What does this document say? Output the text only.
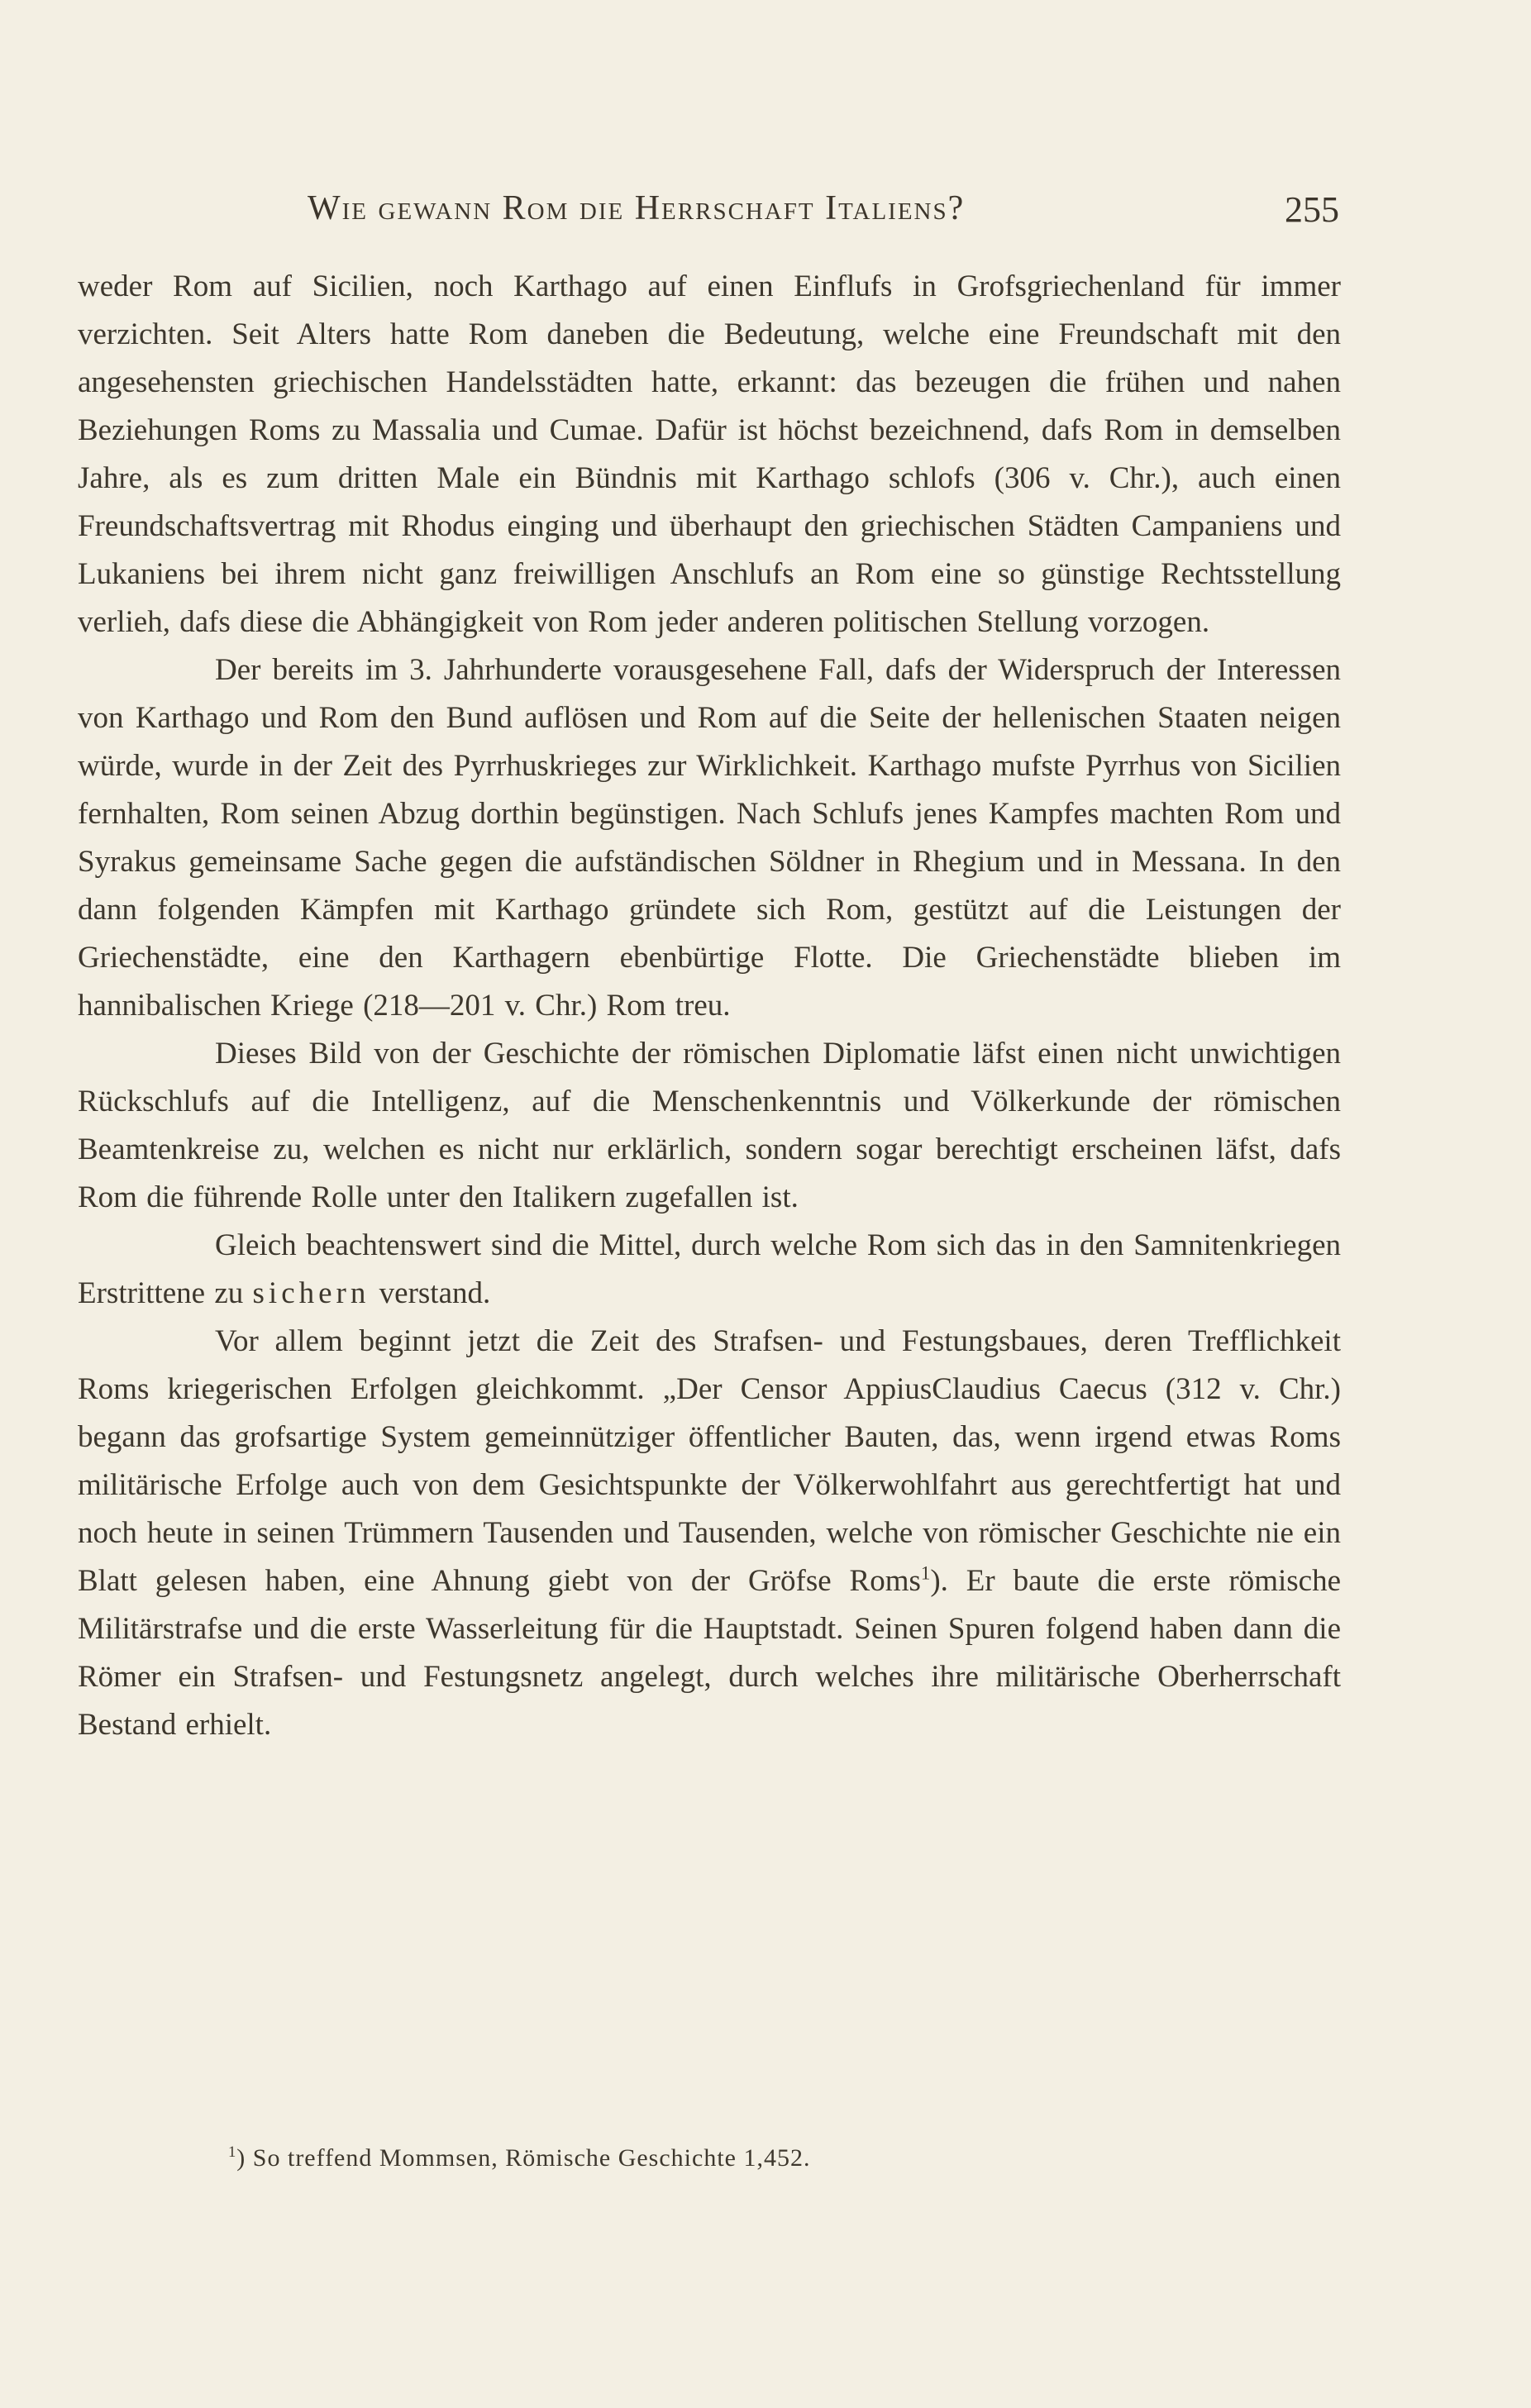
Wie gewann Rom die Herrschaft Italiens?	255

weder Rom auf Sicilien, noch Karthago auf einen Einflufs in Grofsgriechenland für immer verzichten. Seit Alters hatte Rom daneben die Bedeutung, welche eine Freundschaft mit den angesehensten griechischen Handelsstädten hatte, erkannt: das bezeugen die frühen und nahen Beziehungen Roms zu Massalia und Cumae. Dafür ist höchst bezeichnend, dafs Rom in demselben Jahre, als es zum dritten Male ein Bündnis mit Karthago schlofs (306 v. Chr.), auch einen Freundschaftsvertrag mit Rhodus einging und überhaupt den griechischen Städten Campaniens und Lukaniens bei ihrem nicht ganz freiwilligen Anschlufs an Rom eine so günstige Rechtsstellung verlieh, dafs diese die Abhängigkeit von Rom jeder anderen politischen Stellung vorzogen.

Der bereits im 3. Jahrhunderte vorausgesehene Fall, dafs der Widerspruch der Interessen von Karthago und Rom den Bund auflösen und Rom auf die Seite der hellenischen Staaten neigen würde, wurde in der Zeit des Pyrrhuskrieges zur Wirklichkeit. Karthago mufste Pyrrhus von Sicilien fernhalten, Rom seinen Abzug dorthin begünstigen. Nach Schlufs jenes Kampfes machten Rom und Syrakus gemeinsame Sache gegen die aufständischen Söldner in Rhegium und in Messana. In den dann folgenden Kämpfen mit Karthago gründete sich Rom, gestützt auf die Leistungen der Griechenstädte, eine den Karthagern ebenbürtige Flotte. Die Griechenstädte blieben im hannibalischen Kriege (218—201 v. Chr.) Rom treu.

Dieses Bild von der Geschichte der römischen Diplomatie läfst einen nicht unwichtigen Rückschlufs auf die Intelligenz, auf die Menschenkenntnis und Völkerkunde der römischen Beamtenkreise zu, welchen es nicht nur erklärlich, sondern sogar berechtigt erscheinen läfst, dafs Rom die führende Rolle unter den Italikern zugefallen ist.

Gleich beachtenswert sind die Mittel, durch welche Rom sich das in den Samnitenkriegen Erstrittene zu sichern verstand.

Vor allem beginnt jetzt die Zeit des Strafsen- und Festungsbaues, deren Trefflichkeit Roms kriegerischen Erfolgen gleichkommt. „Der Censor AppiusClaudius Caecus (312 v. Chr.) begann das grofsartige System gemeinnütziger öffentlicher Bauten, das, wenn irgend etwas Roms militärische Erfolge auch von dem Gesichtspunkte der Völkerwohlfahrt aus gerechtfertigt hat und noch heute in seinen Trümmern Tausenden und Tausenden, welche von römischer Geschichte nie ein Blatt gelesen haben, eine Ahnung giebt von der Gröfse Roms$^1$). Er baute die erste römische Militärstrafse und die erste Wasserleitung für die Hauptstadt. Seinen Spuren folgend haben dann die Römer ein Strafsen- und Festungsnetz angelegt, durch welches ihre militärische Oberherrschaft Bestand erhielt.

$^1$) So treffend Mommsen, Römische Geschichte 1,452.
